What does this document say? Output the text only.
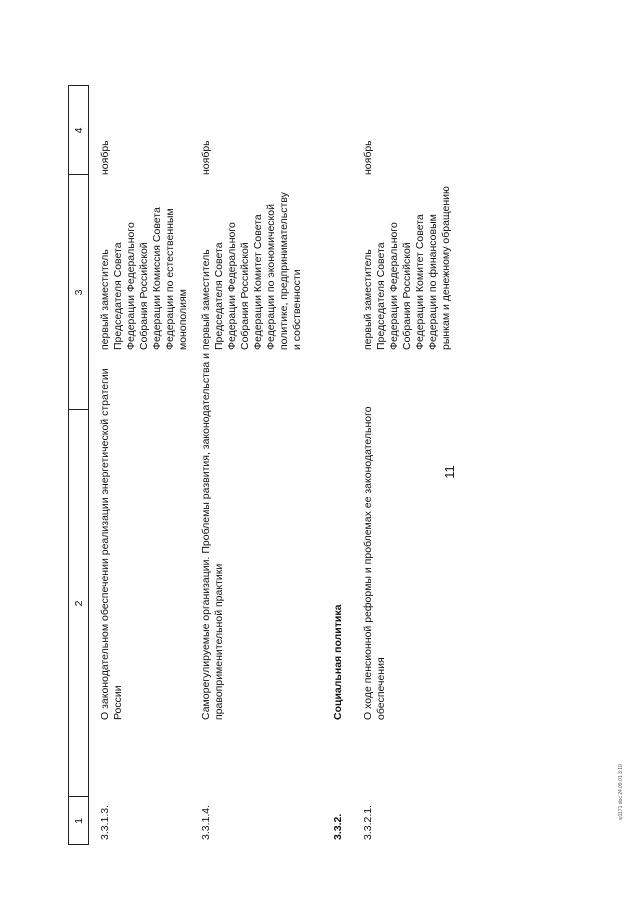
11
1
2
3
4
3.3.1.3.
О законодательном обеспечении реализации энергетической стратегии России
первый заместитель Председателя Совета Федерации Федерального Собрания Российской Федерации Комиссия Совета Федерации по естественным монополиям
ноябрь
3.3.1.4.
Саморегулируемые организации. Проблемы развития, законодательства и правоприменительной практики
первый заместитель Председателя Совета Федерации Федерального Собрания Российской Федерации Комитет Совета Федерации по экономической политике, предпринимательству и собственности
ноябрь
3.3.2.
Социальная политика
3.3.2.1.
О ходе пенсионной реформы и проблемах ее законодательного обеспечения
первый заместитель Председателя Совета Федерации Федерального Собрания Российской Федерации Комитет Совета Федерации по финансовым рынкам и денежному обращению
ноябрь
w1171.doc 24.09.01 3:19
